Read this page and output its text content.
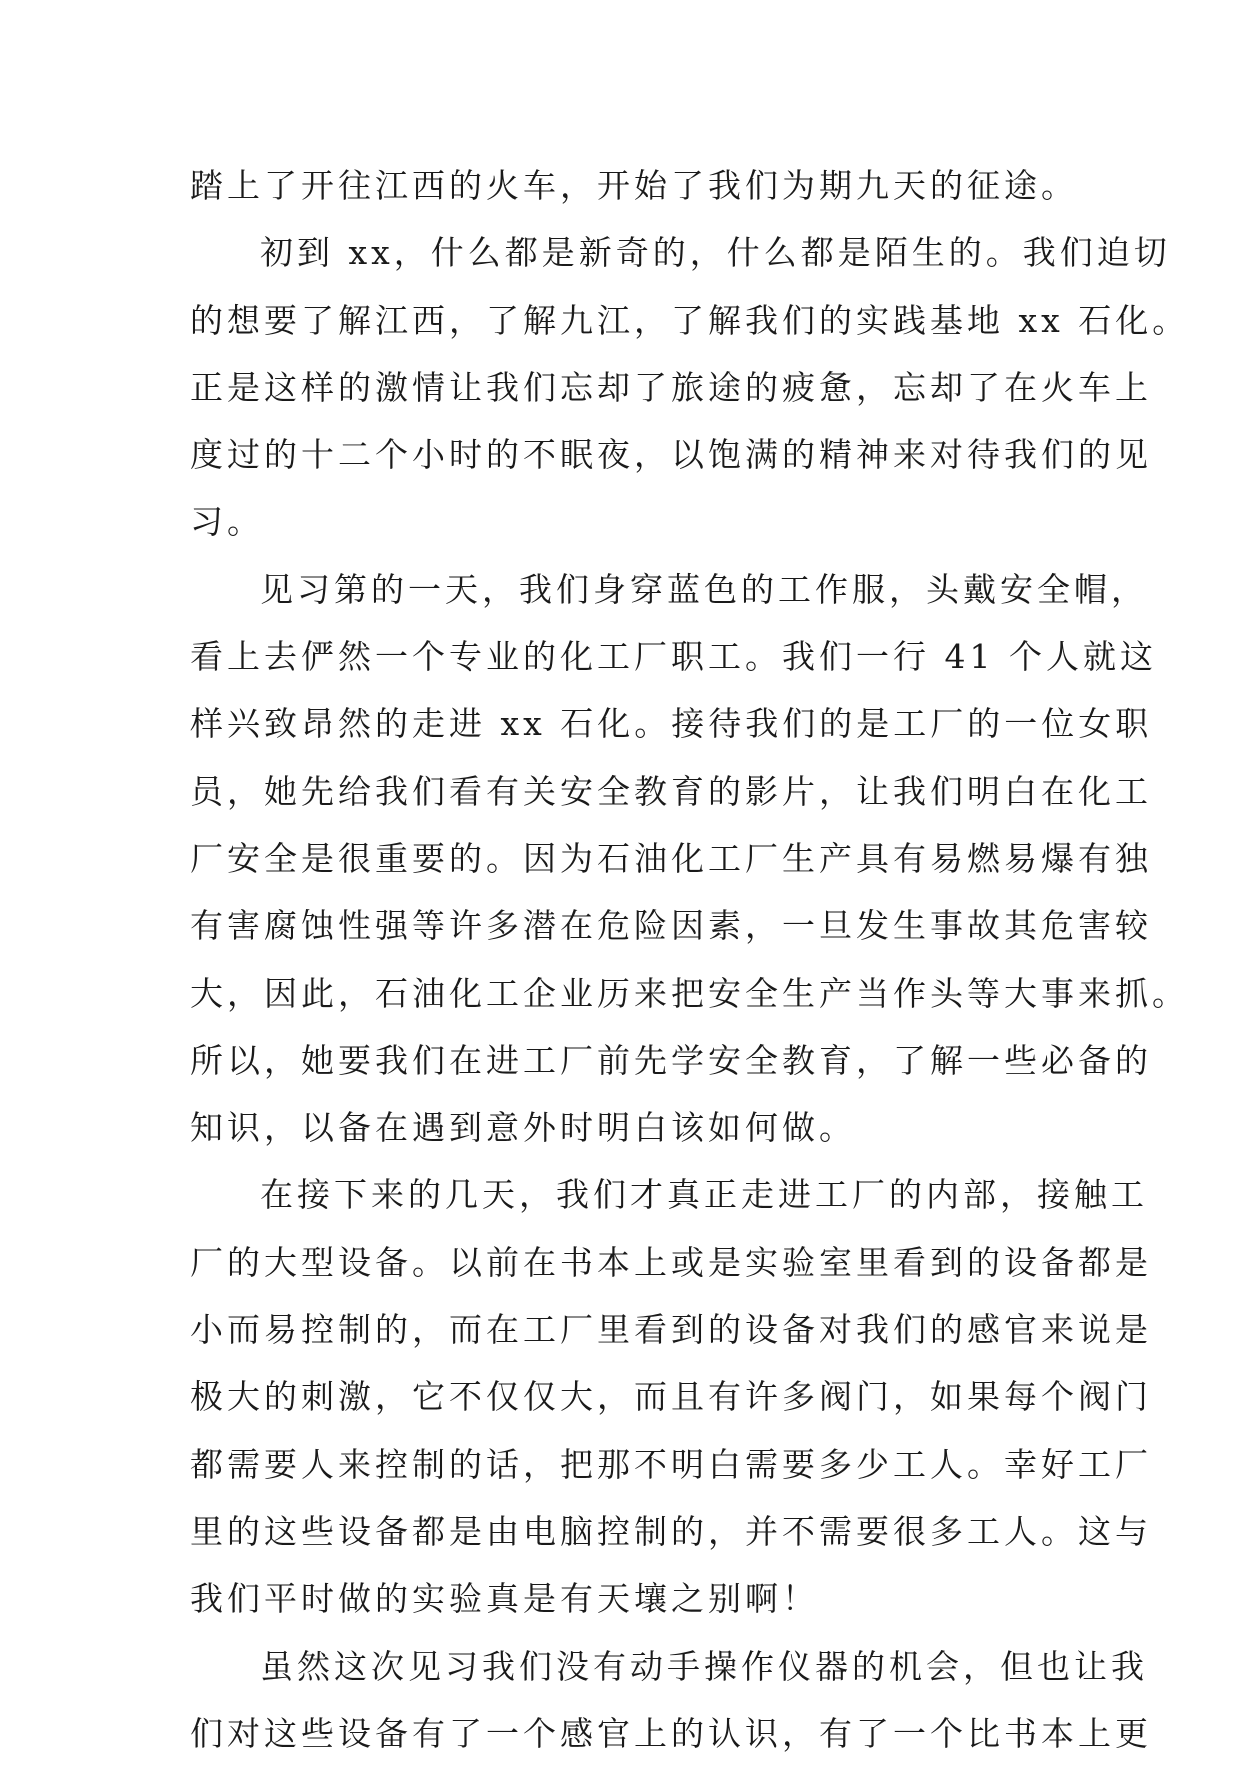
踏上了开往江西的火车，开始了我们为期九天的征途。
初到 xx，什么都是新奇的，什么都是陌生的。我们迫切
的想要了解江西，了解九江，了解我们的实践基地 xx 石化。
正是这样的激情让我们忘却了旅途的疲惫，忘却了在火车上
度过的十二个小时的不眠夜，以饱满的精神来对待我们的见
习。
见习第的一天，我们身穿蓝色的工作服，头戴安全帽，
看上去俨然一个专业的化工厂职工。我们一行 41 个人就这
样兴致昂然的走进 xx 石化。接待我们的是工厂的一位女职
员，她先给我们看有关安全教育的影片，让我们明白在化工
厂安全是很重要的。因为石油化工厂生产具有易燃易爆有独
有害腐蚀性强等许多潜在危险因素，一旦发生事故其危害较
大，因此，石油化工企业历来把安全生产当作头等大事来抓。
所以，她要我们在进工厂前先学安全教育，了解一些必备的
知识，以备在遇到意外时明白该如何做。
在接下来的几天，我们才真正走进工厂的内部，接触工
厂的大型设备。以前在书本上或是实验室里看到的设备都是
小而易控制的，而在工厂里看到的设备对我们的感官来说是
极大的刺激，它不仅仅大，而且有许多阀门，如果每个阀门
都需要人来控制的话，把那不明白需要多少工人。幸好工厂
里的这些设备都是由电脑控制的，并不需要很多工人。这与
我们平时做的实验真是有天壤之别啊！
虽然这次见习我们没有动手操作仪器的机会，但也让我
们对这些设备有了一个感官上的认识，有了一个比书本上更
